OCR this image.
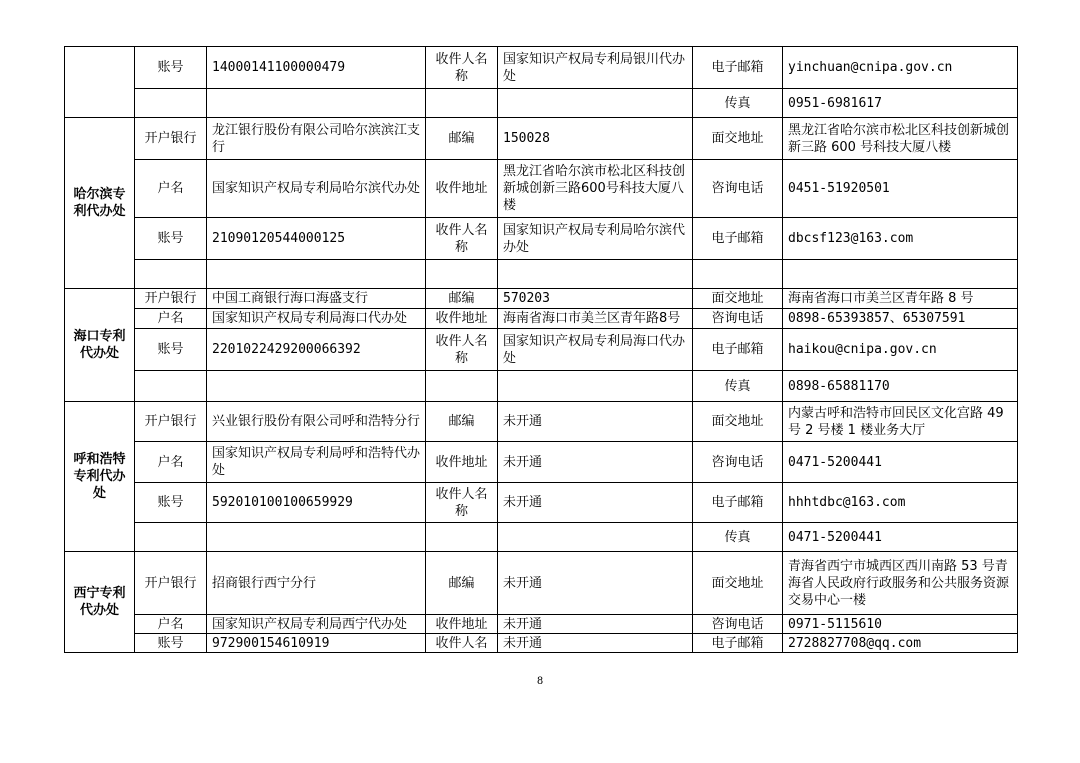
	账号	14000141100000479	收件人名称	国家知识产权局专利局银川代办处	电子邮箱	yinchuan@cnipa.gov.cn
					传真	0951-6981617
哈尔滨专利代办处	开户银行	龙江银行股份有限公司哈尔滨滨江支行	邮编	150028	面交地址	黑龙江省哈尔滨市松北区科技创新城创新三路 600 号科技大厦八楼
	户名	国家知识产权局专利局哈尔滨代办处	收件地址	黑龙江省哈尔滨市松北区科技创新城创新三路600号科技大厦八楼	咨询电话	0451-51920501
	账号	21090120544000125	收件人名称	国家知识产权局专利局哈尔滨代办处	电子邮箱	dbcsf123@163.com

海口专利代办处	开户银行	中国工商银行海口海盛支行	邮编	570203	面交地址	海南省海口市美兰区青年路 8 号
	户名	国家知识产权局专利局海口代办处	收件地址	海南省海口市美兰区青年路8号	咨询电话	0898-65393857、65307591
	账号	2201022429200066392	收件人名称	国家知识产权局专利局海口代办处	电子邮箱	haikou@cnipa.gov.cn
					传真	0898-65881170
呼和浩特专利代办处	开户银行	兴业银行股份有限公司呼和浩特分行	邮编	未开通	面交地址	内蒙古呼和浩特市回民区文化宫路 49 号 2 号楼 1 楼业务大厅
	户名	国家知识产权局专利局呼和浩特代办处	收件地址	未开通	咨询电话	0471-5200441
	账号	592010100100659929	收件人名称	未开通	电子邮箱	hhhtdbc@163.com
					传真	0471-5200441
西宁专利代办处	开户银行	招商银行西宁分行	邮编	未开通	面交地址	青海省西宁市城西区西川南路 53 号青海省人民政府行政服务和公共服务资源交易中心一楼
	户名	国家知识产权局专利局西宁代办处	收件地址	未开通	咨询电话	0971-5115610
	账号	972900154610919	收件人名	未开通	电子邮箱	2728827708@qq.com
8
